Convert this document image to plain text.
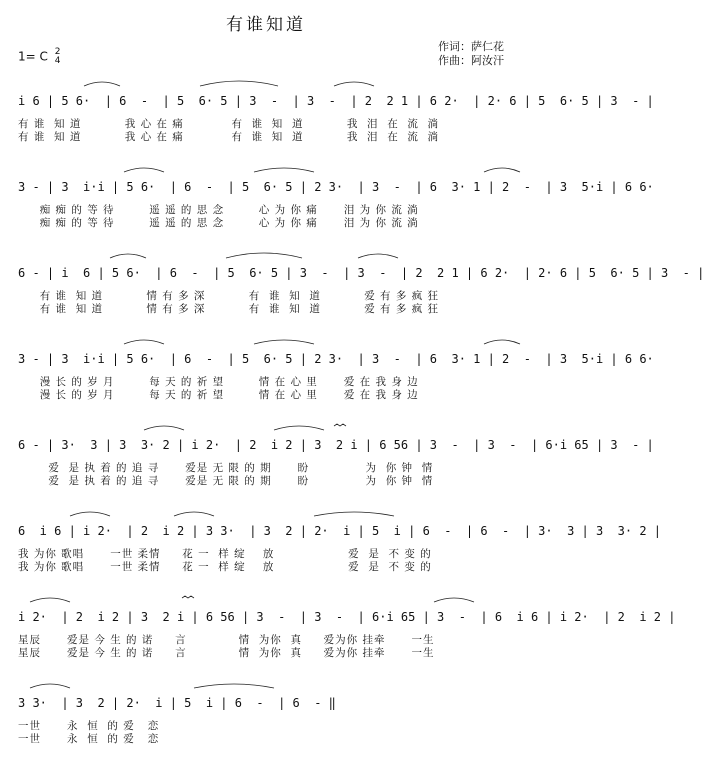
有谁知道
1= C 2
4
作词：萨仁花
作曲：阿汝汗
i 6 | 5 6·  | 6  -  | 5  6· 5 | 3  -  | 3  -  | 2  2 1 | 6 2·  | 2· 6 | 5  6· 5 | 3  - |
有 谁  知 道          我 心 在 痛           有  谁  知  道          我  泪  在  流  淌
有 谁  知 道          我 心 在 痛           有  谁  知  道          我  泪  在  流  淌
3 - | 3  i·i | 5 6·  | 6  -  | 5  6· 5 | 2 3·  | 3  -  | 6  3· 1 | 2  -  | 3  5·i | 6 6·
痴 痴 的 等 待        遥 遥 的 思 念        心 为 你 痛      泪 为 你 流 淌
痴 痴 的 等 待        遥 遥 的 思 念        心 为 你 痛      泪 为 你 流 淌
6 - | i  6 | 5 6·  | 6  -  | 5  6· 5 | 3  -  | 3  -  | 2  2 1 | 6 2·  | 2· 6 | 5  6· 5 | 3  - |
有 谁  知 道          情 有 多 深          有  谁  知  道          爱 有 多 疯 狂
有 谁  知 道          情 有 多 深          有  谁  知  道          爱 有 多 疯 狂
3 - | 3  i·i | 5 6·  | 6  -  | 5  6· 5 | 2 3·  | 3  -  | 6  3· 1 | 2  -  | 3  5·i | 6 6·
漫 长 的 岁 月        每 天 的 祈 望        情 在 心 里      爱 在 我 身 边
漫 长 的 岁 月        每 天 的 祈 望        情 在 心 里      爱 在 我 身 边
6 - | 3·  3 | 3  3· 2 | i 2·  | 2  i 2 | 3  2 i | 6 56 | 3  -  | 3  -  | 6·i 65 | 3  - |
爱  是 执 着 的 追 寻      爱是 无 限 的 期      盼             为  你 钟  情
爱  是 执 着 的 追 寻      爱是 无 限 的 期      盼             为  你 钟  情
6  i 6 | i 2·  | 2  i 2 | 3 3·  | 3  2 | 2·  i | 5  i | 6  -  | 6  -  | 3·  3 | 3  3· 2 |
我 为你 歌唱      一世 柔情     花 一  样 绽    放                 爱  是  不 变 的
我 为你 歌唱      一世 柔情     花 一  样 绽    放                 爱  是  不 变 的
i 2·  | 2  i 2 | 3  2 i | 6 56 | 3  -  | 3  -  | 6·i 65 | 3  -  | 6  i 6 | i 2·  | 2  i 2 |
星辰      爱是 今 生 的 诺     言            情  为你  真     爱为你 挂牵      一生
星辰      爱是 今 生 的 诺     言            情  为你  真     爱为你 挂牵      一生
3 3·  | 3  2 | 2·  i | 5  i | 6  -  | 6  - ‖
一世      永  恒  的 爱   恋
一世      永  恒  的 爱   恋
